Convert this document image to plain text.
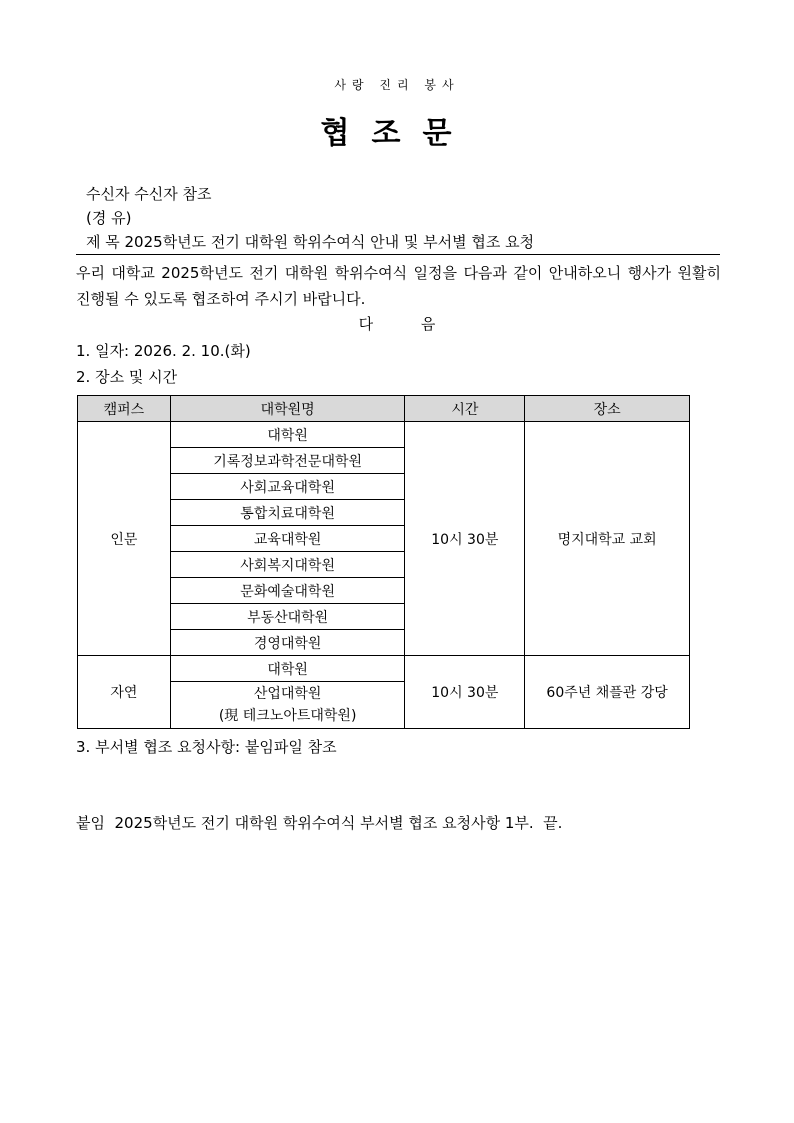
사랑 진리 봉사
협조문
수신자 수신자 참조
(경 유)
제 목 2025학년도 전기 대학원 학위수여식 안내 및 부서별 협조 요청
우리 대학교 2025학년도 전기 대학원 학위수여식 일정을 다음과 같이 안내하오니 행사가 원활히 진행될 수 있도록 협조하여 주시기 바랍니다.
다          음
1. 일자: 2026. 2. 10.(화)
2. 장소 및 시간
캠퍼스	대학원명	시간	장소
인문	대학원	10시 30분	명지대학교 교회
	기록정보과학전문대학원		
	사회교육대학원		
	통합치료대학원		
	교육대학원		
	사회복지대학원		
	문화예술대학원		
	부동산대학원		
	경영대학원		
자연	대학원	10시 30분	60주년 채플관 강당

	산업대학원
(現 테크노아트대학원)		
3. 부서별 협조 요청사항: 붙임파일 참조
붙임  2025학년도 전기 대학원 학위수여식 부서별 협조 요청사항 1부.  끝.
